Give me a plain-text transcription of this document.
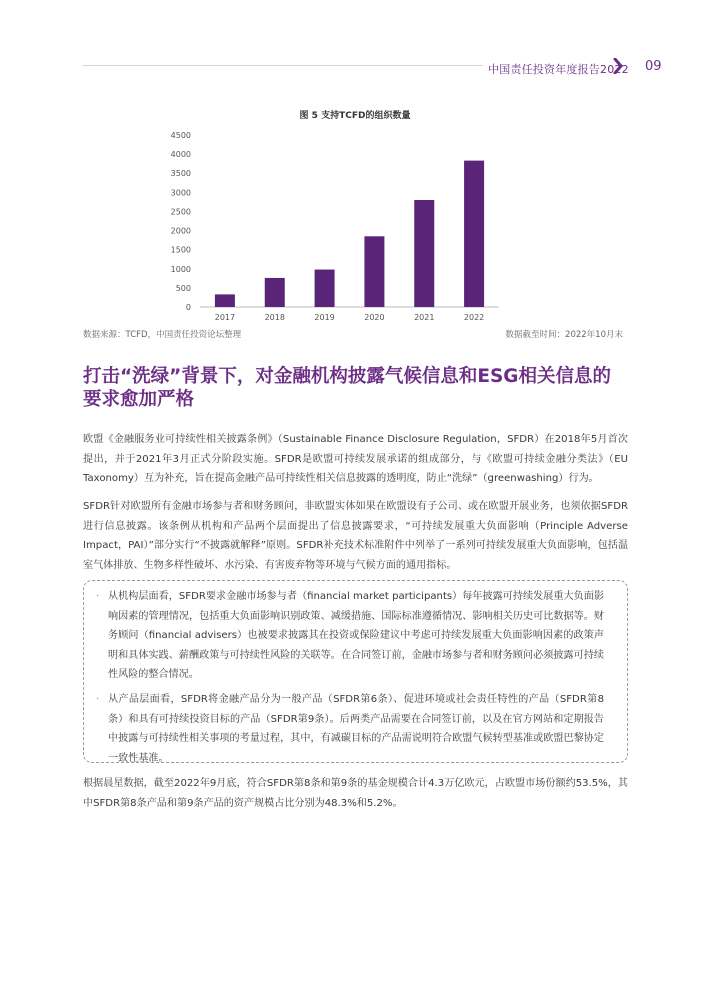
中国责任投资年度报告2022 09
图 5 支持TCFD的组织数量
2017	2018	2019	2020	2021	2022
0
500
1000
1500
2000
2500
3000
3500
4000
4500
数据来源：TCFD，中国责任投资论坛整理	数据截至时间：2022年10月末
打击“洗绿”背景下，对金融机构披露气候信息和ESG相关信息的要求愈加严格

欧盟《金融服务业可持续性相关披露条例》（Sustainable Finance Disclosure Regulation，SFDR）在2018年5月首次提出，并于2021年3月正式分阶段实施。SFDR是欧盟可持续发展承诺的组成部分，与《欧盟可持续金融分类法》（EU Taxonomy）互为补充，旨在提高金融产品可持续性相关信息披露的透明度，防止“洗绿”（greenwashing）行为。

SFDR针对欧盟所有金融市场参与者和财务顾问，非欧盟实体如果在欧盟设有子公司、或在欧盟开展业务，也须依据SFDR进行信息披露。该条例从机构和产品两个层面提出了信息披露要求，“可持续发展重大负面影响（Principle Adverse Impact，PAI）”部分实行“不披露就解释”原则。SFDR补充技术标准附件中列举了一系列可持续发展重大负面影响，包括温室气体排放、生物多样性破坏、水污染、有害废弃物等环境与气候方面的通用指标。

· 从机构层面看，SFDR要求金融市场参与者（financial market participants）每年披露可持续发展重大负面影响因素的管理情况，包括重大负面影响识别政策、减缓措施、国际标准遵循情况、影响相关历史可比数据等。财务顾问（financial advisers）也被要求披露其在投资或保险建议中考虑可持续发展重大负面影响因素的政策声明和具体实践、薪酬政策与可持续性风险的关联等。在合同签订前，金融市场参与者和财务顾问必须披露可持续性风险的整合情况。
· 从产品层面看，SFDR将金融产品分为一般产品（SFDR第6条）、促进环境或社会责任特性的产品（SFDR第8条）和具有可持续投资目标的产品（SFDR第9条）。后两类产品需要在合同签订前，以及在官方网站和定期报告中披露与可持续性相关事项的考量过程，其中，有减碳目标的产品需说明符合欧盟气候转型基准或欧盟巴黎协定一致性基准。

根据晨星数据，截至2022年9月底，符合SFDR第8条和第9条的基金规模合计4.3万亿欧元，占欧盟市场份额约53.5%，其中SFDR第8条产品和第9条产品的资产规模占比分别为48.3%和5.2%。
